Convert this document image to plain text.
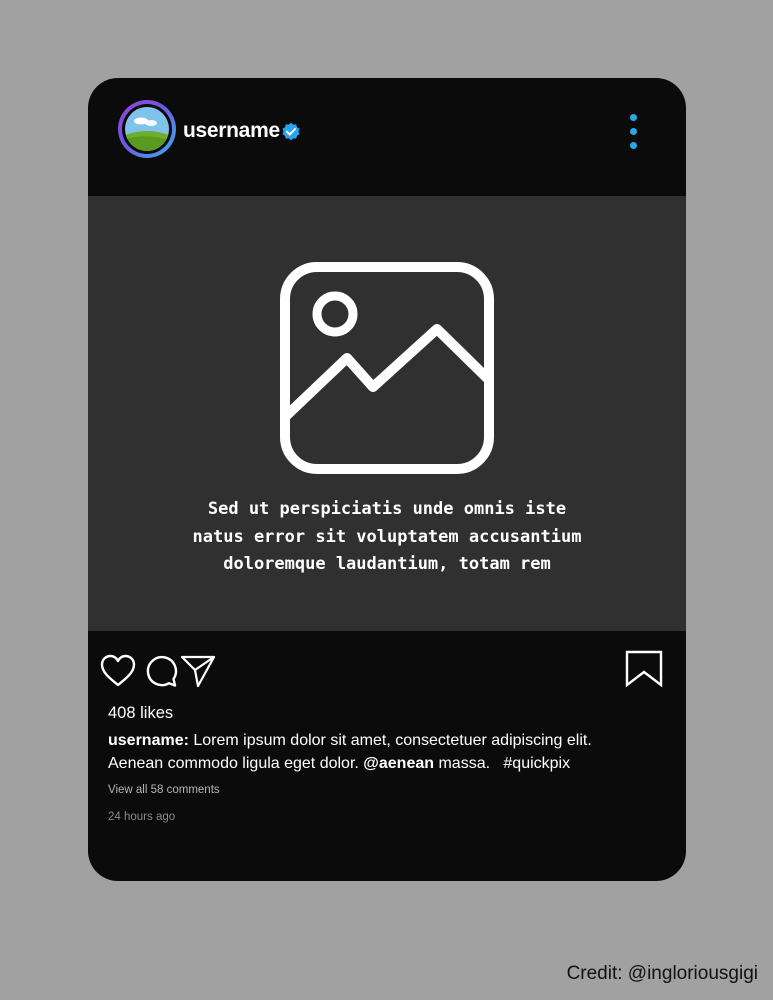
username
Sed ut perspiciatis unde omnis iste
natus error sit voluptatem accusantium
doloremque laudantium, totam rem
408 likes
username: Lorem ipsum dolor sit amet, consectetuer adipiscing elit.
Aenean commodo ligula eget dolor. @aenean massa.   #quickpix
View all 58 comments
24 hours ago
Credit: @ingloriousgigi
